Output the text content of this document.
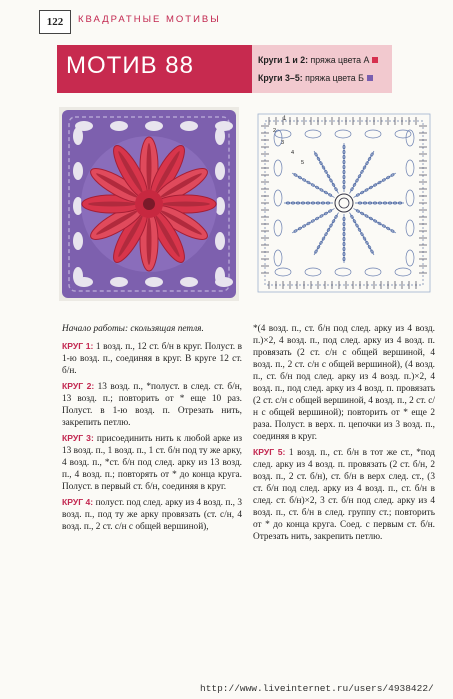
122	КВАДРАТНЫЕ МОТИВЫ
МОТИВ 88	Круги 1 и 2: пряжа цвета А
Круги 3–5: пряжа цвета Б
1
2
3
4
5

Начало работы: скользящая петля.

КРУГ 1: 1 возд. п., 12 ст. б/н в круг. Полуст. в 1-ю возд. п., соединяя в круг. В круге 12 ст. б/н.

КРУГ 2: 13 возд. п., *полуст. в след. ст. б/н, 13 возд. п.; повторить от * еще 10 раз. Полуст. в 1-ю возд. п. Отрезать нить, закрепить петлю.

КРУГ 3: присоединить нить к любой арке из 13 возд. п., 1 возд. п., 1 ст. б/н под ту же арку, 4 возд. п., *ст. б/н под след. арку из 13 возд. п., 4 возд. п.; повторять от * до конца круга. Полуст. в первый ст. б/н, соединяя в круг.

КРУГ 4: полуст. под след. арку из 4 возд. п., 3 возд. п., под ту же арку провязать (ст. с/н, 4 возд. п., 2 ст. с/н с общей вершиной),

*(4 возд. п., ст. б/н под след. арку из 4 возд. п.)×2, 4 возд. п., под след. арку из 4 возд. п. провязать (2 ст. с/н с общей вершиной, 4 возд. п., 2 ст. с/н с общей вершиной), (4 возд. п., ст. б/н под след. арку из 4 возд. п.)×2, 4 возд. п., под след. арку из 4 возд. п. провязать (2 ст. с/н с общей вершиной, 4 возд. п., 2 ст. с/н с общей вершиной); повторить от * еще 2 раза. Полуст. в верх. п. цепочки из 3 возд. п., соединяя в круг.

КРУГ 5: 1 возд. п., ст. б/н в тот же ст., *под след. арку из 4 возд. п. провязать (2 ст. б/н, 2 возд. п., 2 ст. б/н), ст. б/н в верх след. ст., (3 ст. б/н под след. арку из 4 возд. п., ст. б/н в след. ст. б/н)×2, 3 ст. б/н под след. арку из 4 возд. п., ст. б/н в след. группу ст.; повторить от * до конца круга. Соед. с первым ст. б/н. Отрезать нить, закрепить петлю.

http://www.liveinternet.ru/users/4938422/
